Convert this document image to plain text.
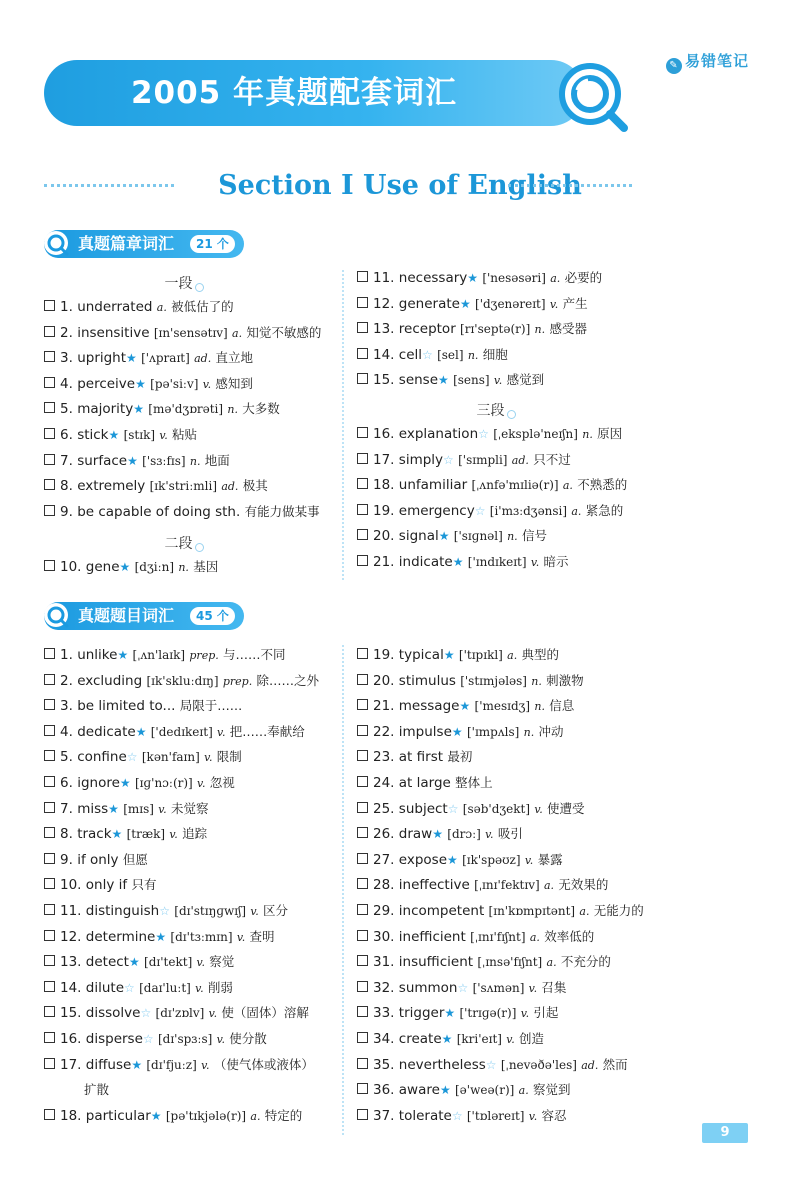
✎ 易错笔记
2005 年真题配套词汇
Section Ⅰ Use of English
真题篇章词汇	21 个
一段
1. underrated a. 被低估了的
2. insensitive [ɪn'sensətɪv] a. 知觉不敏感的
3. upright★ ['ʌpraɪt] ad. 直立地
4. perceive★ [pə'siːv] v. 感知到
5. majority★ [mə'dʒɒrəti] n. 大多数
6. stick★ [stɪk] v. 粘贴
7. surface★ ['sɜːfɪs] n. 地面
8. extremely [ɪk'striːmli] ad. 极其
9. be capable of doing sth. 有能力做某事
二段
10. gene★ [dʒiːn] n. 基因
11. necessary★ ['nesəsəri] a. 必要的
12. generate★ ['dʒenəreɪt] v. 产生
13. receptor [rɪ'septə(r)] n. 感受器
14. cell☆ [sel] n. 细胞
15. sense★ [sens] v. 感觉到
三段
16. explanation☆ [ˌeksplə'neɪʃn] n. 原因
17. simply☆ ['sɪmpli] ad. 只不过
18. unfamiliar [ˌʌnfə'mɪliə(r)] a. 不熟悉的
19. emergency☆ [i'mɜːdʒənsi] a. 紧急的
20. signal★ ['sɪɡnəl] n. 信号
21. indicate★ ['ɪndɪkeɪt] v. 暗示
真题题目词汇	45 个
1. unlike★ [ˌʌn'laɪk] prep. 与……不同
2. excluding [ɪk'skluːdɪŋ] prep. 除……之外
3. be limited to... 局限于……
4. dedicate★ ['dedɪkeɪt] v. 把……奉献给
5. confine☆ [kən'faɪn] v. 限制
6. ignore★ [ɪɡ'nɔː(r)] v. 忽视
7. miss★ [mɪs] v. 未觉察
8. track★ [træk] v. 追踪
9. if only 但愿
10. only if 只有
11. distinguish☆ [dɪ'stɪŋɡwɪʃ] v. 区分
12. determine★ [dɪ'tɜːmɪn] v. 查明
13. detect★ [dɪ'tekt] v. 察觉
14. dilute☆ [daɪ'luːt] v. 削弱
15. dissolve☆ [dɪ'zɒlv] v. 使（固体）溶解
16. disperse☆ [dɪ'spɜːs] v. 使分散
17. diffuse★ [dɪ'fjuːz] v. （使气体或液体）
18. particular★ [pə'tɪkjələ(r)] a. 特定的
扩散
19. typical★ ['tɪpɪkl] a. 典型的
20. stimulus ['stɪmjələs] n. 刺激物
21. message★ ['mesɪdʒ] n. 信息
22. impulse★ ['ɪmpʌls] n. 冲动
23. at first 最初
24. at large 整体上
25. subject☆ [səb'dʒekt] v. 使遭受
26. draw★ [drɔː] v. 吸引
27. expose★ [ɪk'spəʊz] v. 暴露
28. ineffective [ˌɪnɪ'fektɪv] a. 无效果的
29. incompetent [ɪn'kɒmpɪtənt] a. 无能力的
30. inefficient [ˌɪnɪ'fɪʃnt] a. 效率低的
31. insufficient [ˌɪnsə'fɪʃnt] a. 不充分的
32. summon☆ ['sʌmən] v. 召集
33. trigger★ ['trɪɡə(r)] v. 引起
34. create★ [kri'eɪt] v. 创造
35. nevertheless☆ [ˌnevəðə'les] ad. 然而
36. aware★ [ə'weə(r)] a. 察觉到
37. tolerate☆ ['tɒləreɪt] v. 容忍
9
